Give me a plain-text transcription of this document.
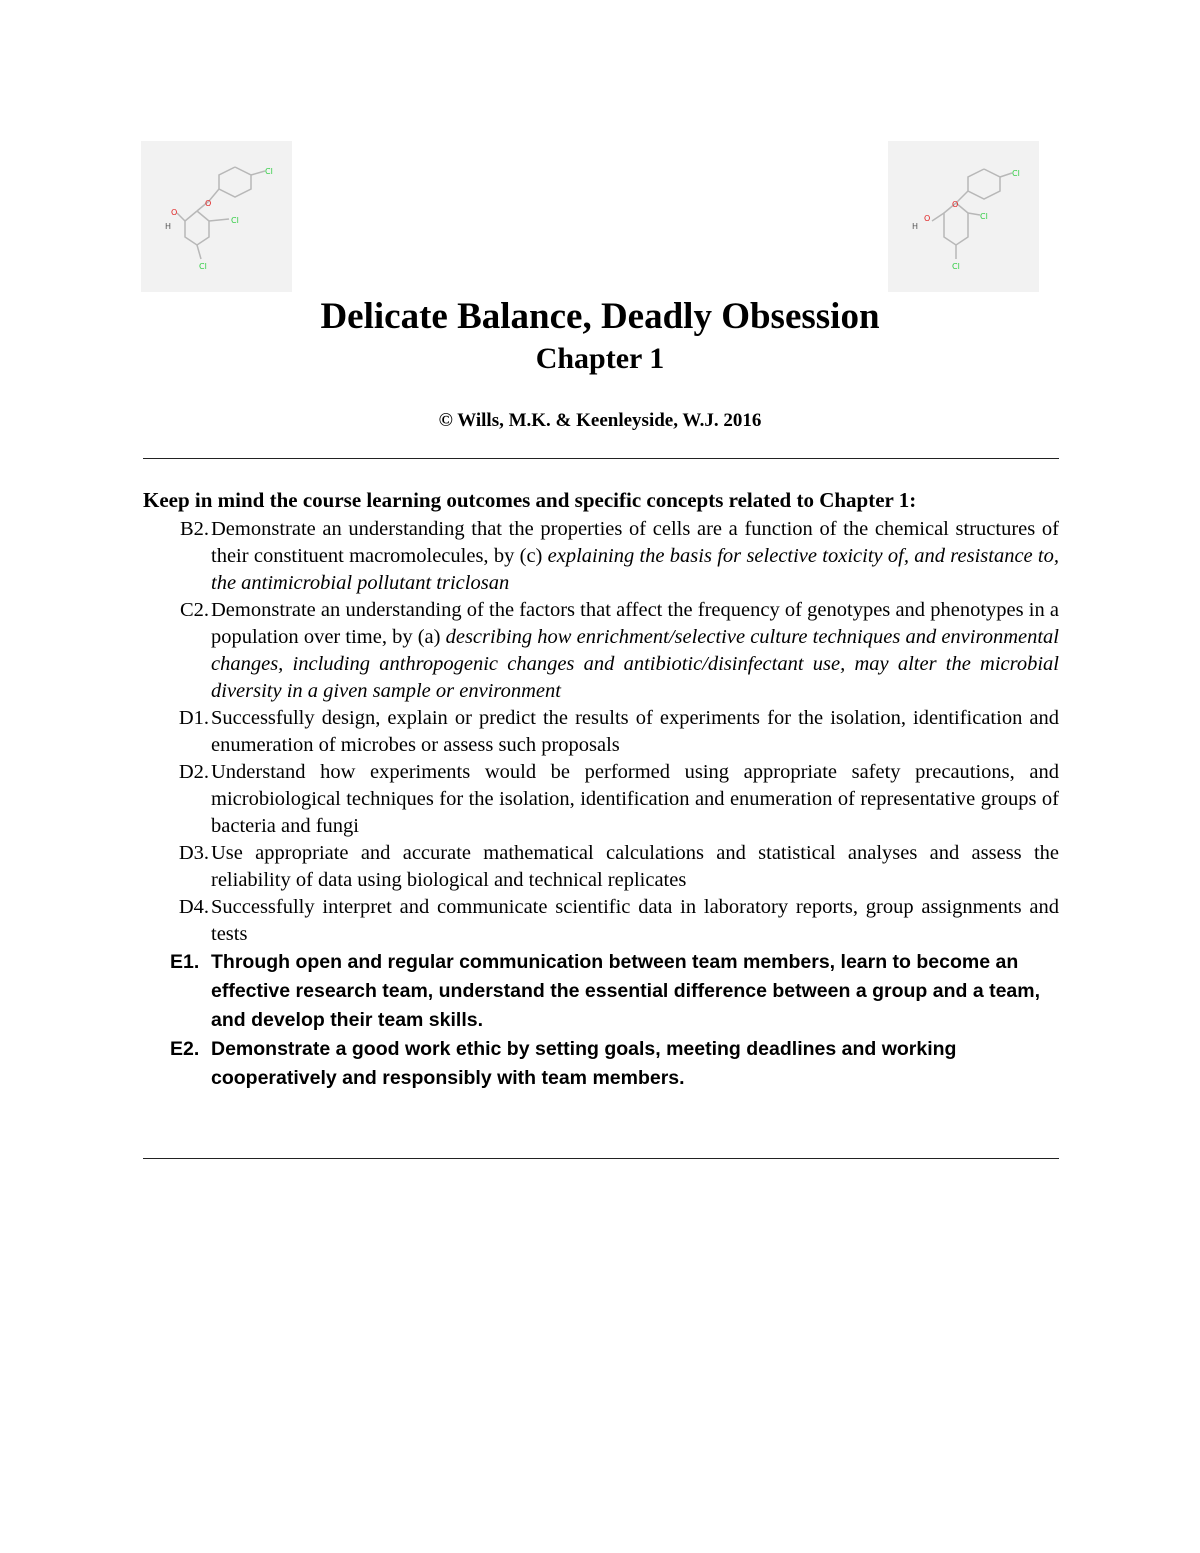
Cl
O
O
H
Cl
Cl
Cl
O
O
H
Cl
Cl
Delicate Balance, Deadly Obsession
Chapter 1

© Wills, M.K. & Keenleyside, W.J. 2016

Keep in mind the course learning outcomes and specific concepts related to Chapter 1:

B2. Demonstrate an understanding that the properties of cells are a function of the chemical structures of their constituent macromolecules, by (c) explaining the basis for selective toxicity of, and resistance to, the antimicrobial pollutant triclosan
C2. Demonstrate an understanding of the factors that affect the frequency of genotypes and phenotypes in a population over time, by (a) describing how enrichment/selective culture techniques and environmental changes, including anthropogenic changes and antibiotic/disinfectant use, may alter the microbial diversity in a given sample or environment
D1. Successfully design, explain or predict the results of experiments for the isolation, identification and enumeration of microbes or assess such proposals
D2. Understand how experiments would be performed using appropriate safety precautions, and microbiological techniques for the isolation, identification and enumeration of representative groups of bacteria and fungi
D3. Use appropriate and accurate mathematical calculations and statistical analyses and assess the reliability of data using biological and technical replicates
D4. Successfully interpret and communicate scientific data in laboratory reports, group assignments and tests
E1. Through open and regular communication between team members, learn to become an effective research team, understand the essential difference between a group and a team, and develop their team skills.
E2. Demonstrate a good work ethic by setting goals, meeting deadlines and working cooperatively and responsibly with team members.
